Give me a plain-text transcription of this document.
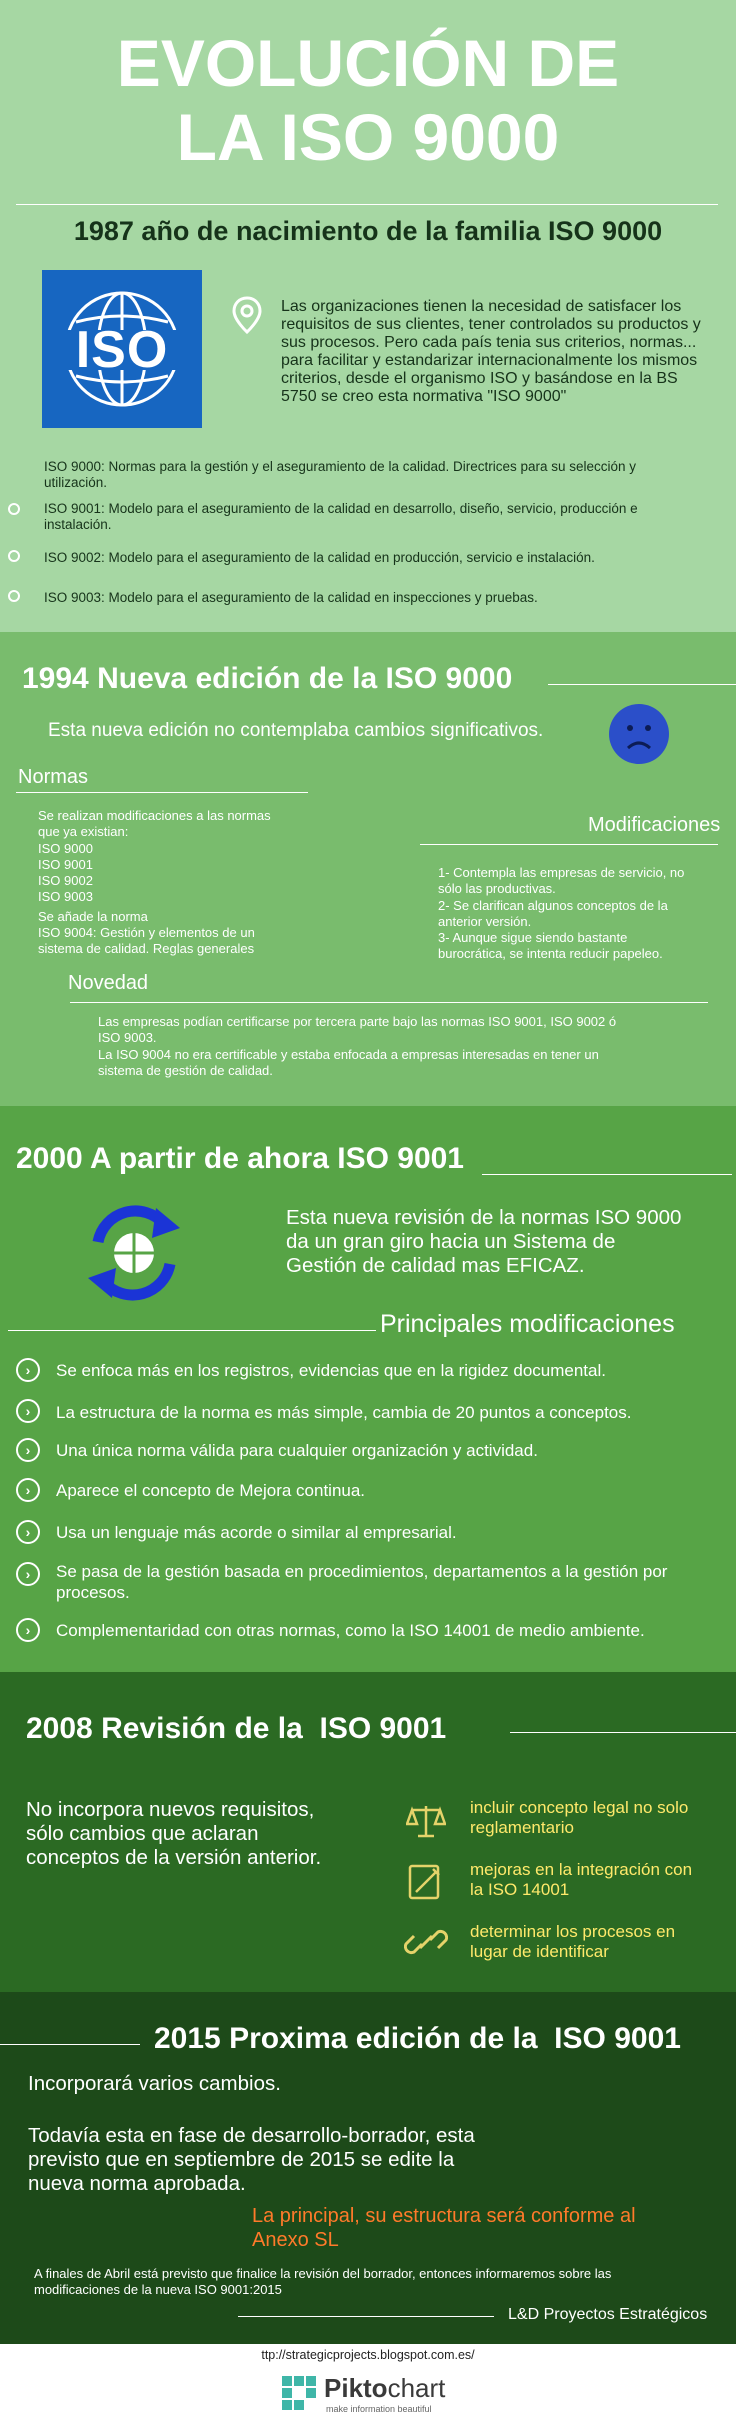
EVOLUCIÓN DE
LA ISO 9000
1987 año de nacimiento de la familia ISO 9000
ISO
Las organizaciones tienen la necesidad de satisfacer los requisitos de sus clientes, tener controlados su productos y sus procesos. Pero cada país tenia sus criterios, normas... para facilitar y estandarizar internacionalmente los mismos criterios, desde el organismo ISO y basándose en la BS 5750 se creo esta normativa "ISO 9000"
ISO 9000: Normas para la gestión y el aseguramiento de la calidad. Directrices para su selección y utilización.
ISO 9001: Modelo para el aseguramiento de la calidad en desarrollo, diseño, servicio, producción e instalación.
ISO 9002: Modelo para el aseguramiento de la calidad en producción, servicio e instalación.
ISO 9003: Modelo para el aseguramiento de la calidad en inspecciones y pruebas.
1994 Nueva edición de la ISO 9000
Esta nueva edición no contemplaba cambios significativos.
Normas
Se realizan modificaciones a las normas
que ya existian:
ISO 9000
ISO 9001
ISO 9002
ISO 9003
Se añade la norma
ISO 9004: Gestión y elementos de un
sistema de calidad. Reglas generales
Modificaciones
1- Contempla las empresas de servicio, no
sólo las productivas.
2- Se clarifican algunos conceptos de la
anterior versión.
3- Aunque sigue siendo bastante
burocrática, se intenta reducir papeleo.
Novedad
Las empresas podían certificarse por tercera parte bajo las normas ISO 9001, ISO 9002 ó
ISO 9003.
La ISO 9004 no era certificable y estaba enfocada a empresas interesadas en tener un
sistema de gestión de calidad.
2000 A partir de ahora ISO 9001
Esta nueva revisión de la normas ISO 9000
da un gran giro hacia un Sistema de
Gestión de calidad mas EFICAZ.
Principales modificaciones
›	Se enfoca más en los registros, evidencias que en la rigidez documental.
›	La estructura de la norma es más simple, cambia de 20 puntos a conceptos.
›	Una única norma válida para cualquier organización y actividad.
›	Aparece el concepto de Mejora continua.
›	Usa un lenguaje más acorde o similar al empresarial.
›	Se pasa de la gestión basada en procedimientos, departamentos a la gestión por procesos.
›	Complementaridad con otras normas, como la ISO 14001 de medio ambiente.
2008 Revisión de la  ISO 9001
No incorpora nuevos requisitos,
sólo cambios que aclaran
conceptos de la versión anterior.
incluir concepto legal no solo
reglamentario
mejoras en la integración con
la ISO 14001
determinar los procesos en
lugar de identificar
2015 Proxima edición de la  ISO 9001
Incorporará varios cambios.
Todavía esta en fase de desarrollo-borrador, esta
previsto que en septiembre de 2015 se edite la
nueva norma aprobada.
La principal, su estructura será conforme al
Anexo SL
A finales de Abril está previsto que finalice la revisión del borrador, entonces informaremos sobre las
modificaciones de la nueva ISO 9001:2015
L&D Proyectos Estratégicos
ttp://strategicprojects.blogspot.com.es/
Piktochart
make information beautiful
